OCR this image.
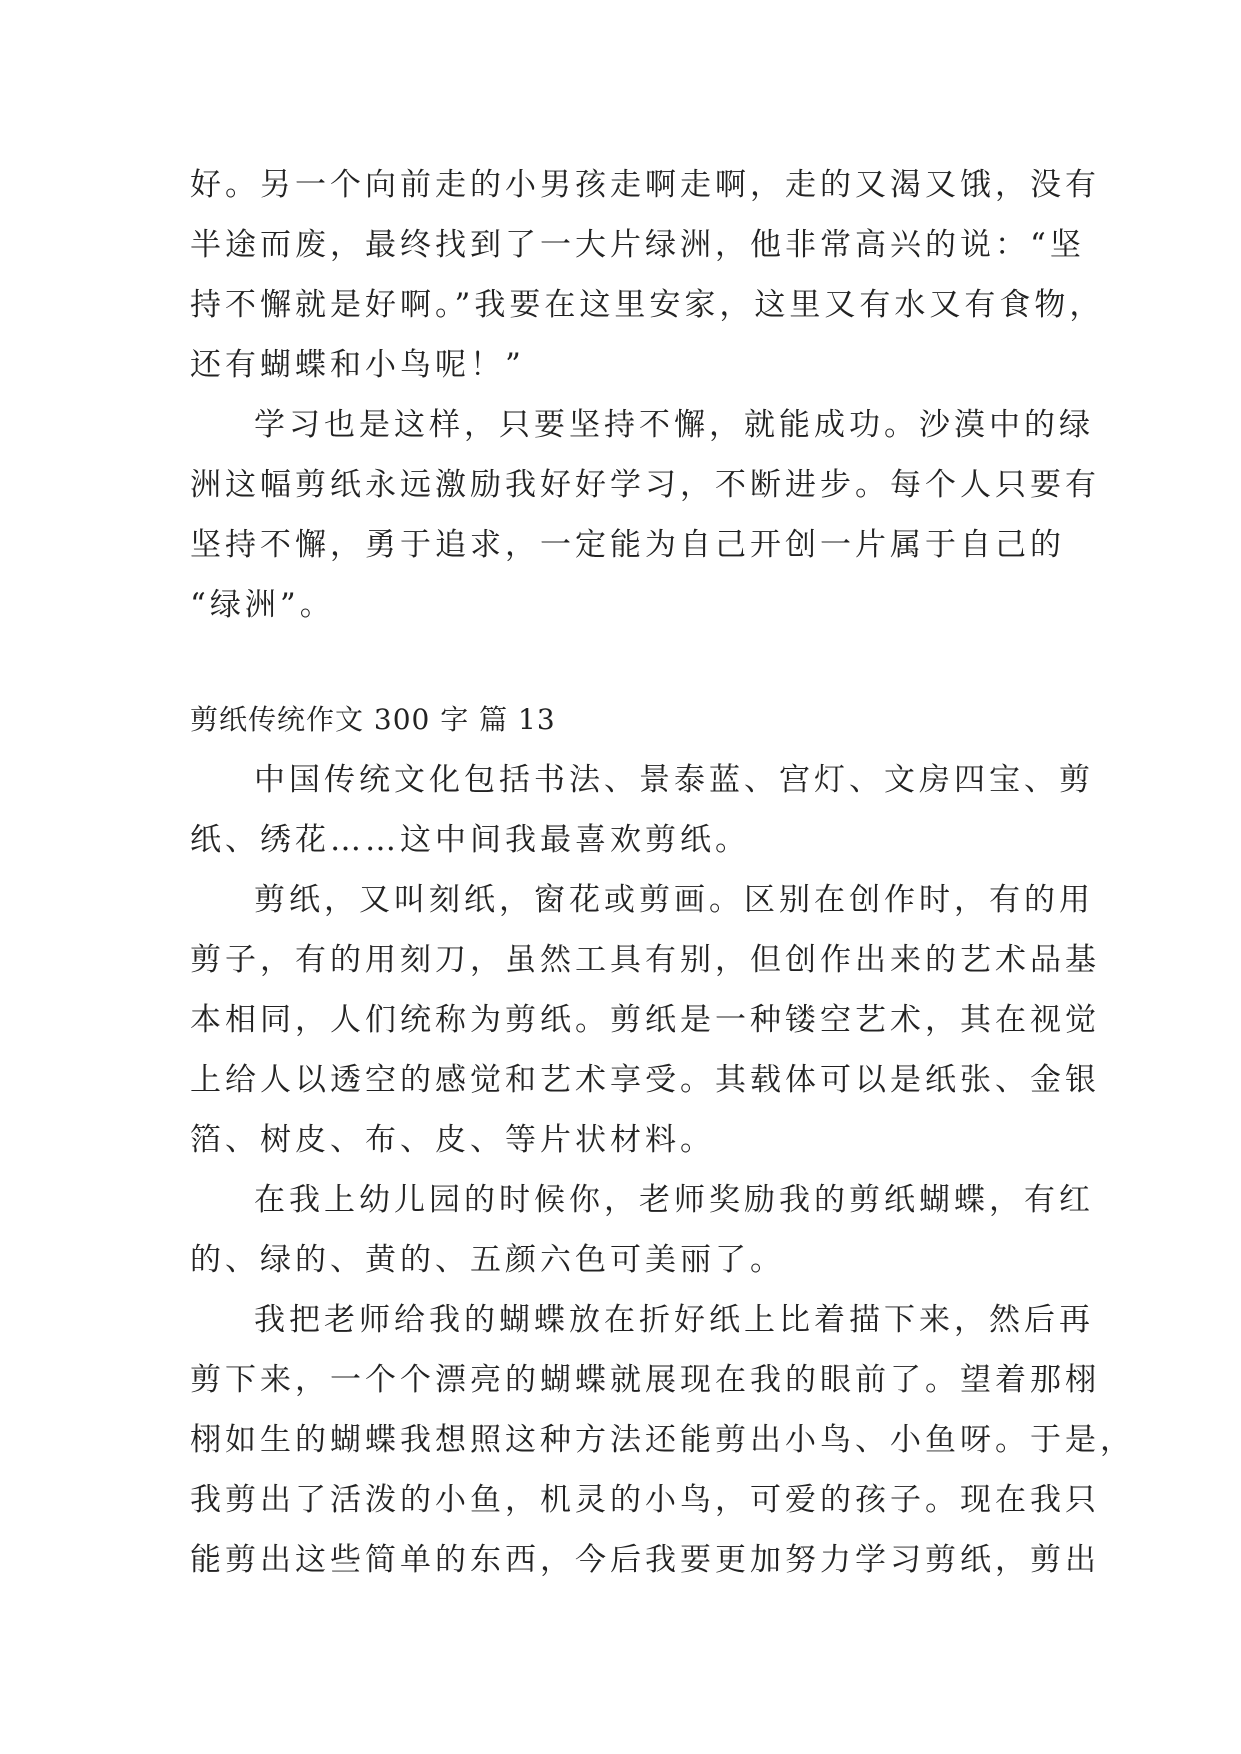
好。另一个向前走的小男孩走啊走啊，走的又渴又饿，没有
半途而废，最终找到了一大片绿洲，他非常高兴的说：“坚
持不懈就是好啊。”我要在这里安家，这里又有水又有食物，
还有蝴蝶和小鸟呢！”
学习也是这样，只要坚持不懈，就能成功。沙漠中的绿
洲这幅剪纸永远激励我好好学习，不断进步。每个人只要有
坚持不懈，勇于追求，一定能为自己开创一片属于自己的
“绿洲”。
剪纸传统作文 300 字 篇 13
中国传统文化包括书法、景泰蓝、宫灯、文房四宝、剪
纸、绣花……这中间我最喜欢剪纸。
剪纸，又叫刻纸，窗花或剪画。区别在创作时，有的用
剪子，有的用刻刀，虽然工具有别，但创作出来的艺术品基
本相同，人们统称为剪纸。剪纸是一种镂空艺术，其在视觉
上给人以透空的感觉和艺术享受。其载体可以是纸张、金银
箔、树皮、布、皮、等片状材料。
在我上幼儿园的时候你，老师奖励我的剪纸蝴蝶，有红
的、绿的、黄的、五颜六色可美丽了。
我把老师给我的蝴蝶放在折好纸上比着描下来，然后再
剪下来，一个个漂亮的蝴蝶就展现在我的眼前了。望着那栩
栩如生的蝴蝶我想照这种方法还能剪出小鸟、小鱼呀。于是，
我剪出了活泼的小鱼，机灵的小鸟，可爱的孩子。现在我只
能剪出这些简单的东西，今后我要更加努力学习剪纸，剪出
